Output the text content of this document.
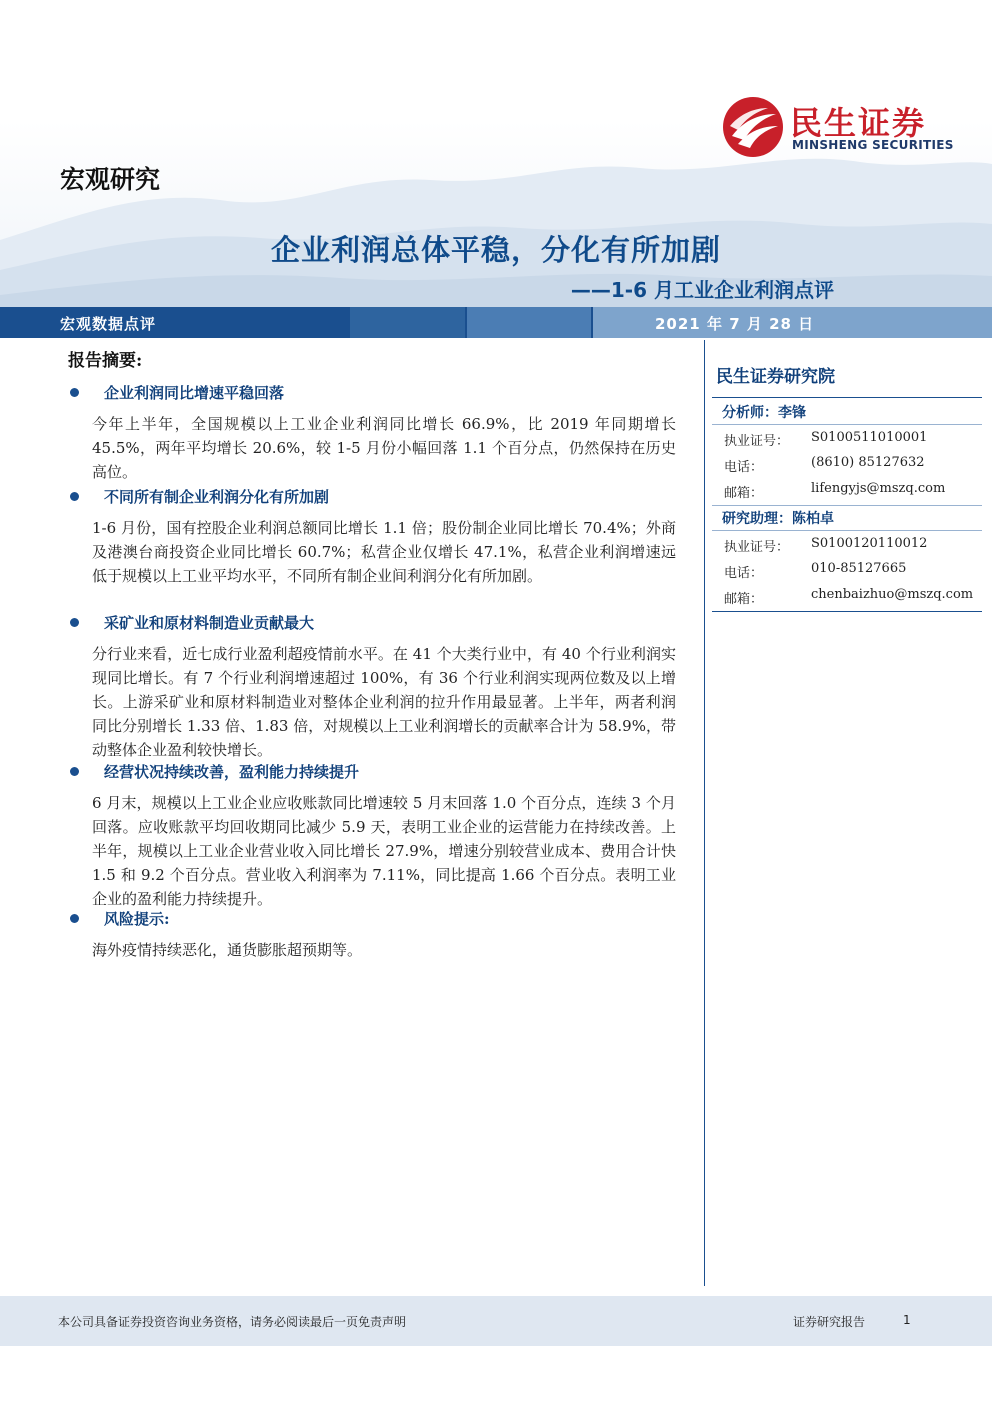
民生证券
MINSHENG SECURITIES
宏观研究
企业利润总体平稳，分化有所加剧
——1-6 月工业企业利润点评
宏观数据点评	2021 年 7 月 28 日
报告摘要:
企业利润同比增速平稳回落
今年上半年，全国规模以上工业企业利润同比增长 66.9%，比 2019 年同期增长 45.5%，两年平均增长 20.6%，较 1-5 月份小幅回落 1.1 个百分点，仍然保持在历史高位。
不同所有制企业利润分化有所加剧
1-6 月份，国有控股企业利润总额同比增长 1.1 倍；股份制企业同比增长 70.4%；外商及港澳台商投资企业同比增长 60.7%；私营企业仅增长 47.1%，私营企业利润增速远低于规模以上工业平均水平，不同所有制企业间利润分化有所加剧。
采矿业和原材料制造业贡献最大
分行业来看，近七成行业盈利超疫情前水平。在 41 个大类行业中，有 40 个行业利润实现同比增长。有 7 个行业利润增速超过 100%，有 36 个行业利润实现两位数及以上增长。上游采矿业和原材料制造业对整体企业利润的拉升作用最显著。上半年，两者利润同比分别增长 1.33 倍、1.83 倍，对规模以上工业利润增长的贡献率合计为 58.9%，带动整体企业盈利较快增长。
经营状况持续改善，盈利能力持续提升
6 月末，规模以上工业企业应收账款同比增速较 5 月末回落 1.0 个百分点，连续 3 个月回落。应收账款平均回收期同比减少 5.9 天，表明工业企业的运营能力在持续改善。上半年，规模以上工业企业营业收入同比增长 27.9%，增速分别较营业成本、费用合计快 1.5 和 9.2 个百分点。营业收入利润率为 7.11%，同比提高 1.66 个百分点。表明工业企业的盈利能力持续提升。
风险提示:
海外疫情持续恶化，通货膨胀超预期等。
民生证券研究院
分析师：李锋
执业证号： S0100511010001
电话：	(8610) 85127632
邮箱：	lifengyjs@mszq.com
研究助理：陈柏卓
执业证号： S0100120110012
电话：	010-85127665
邮箱：	chenbaizhuo@mszq.com
本公司具备证券投资咨询业务资格，请务必阅读最后一页免责声明	证券研究报告	1
